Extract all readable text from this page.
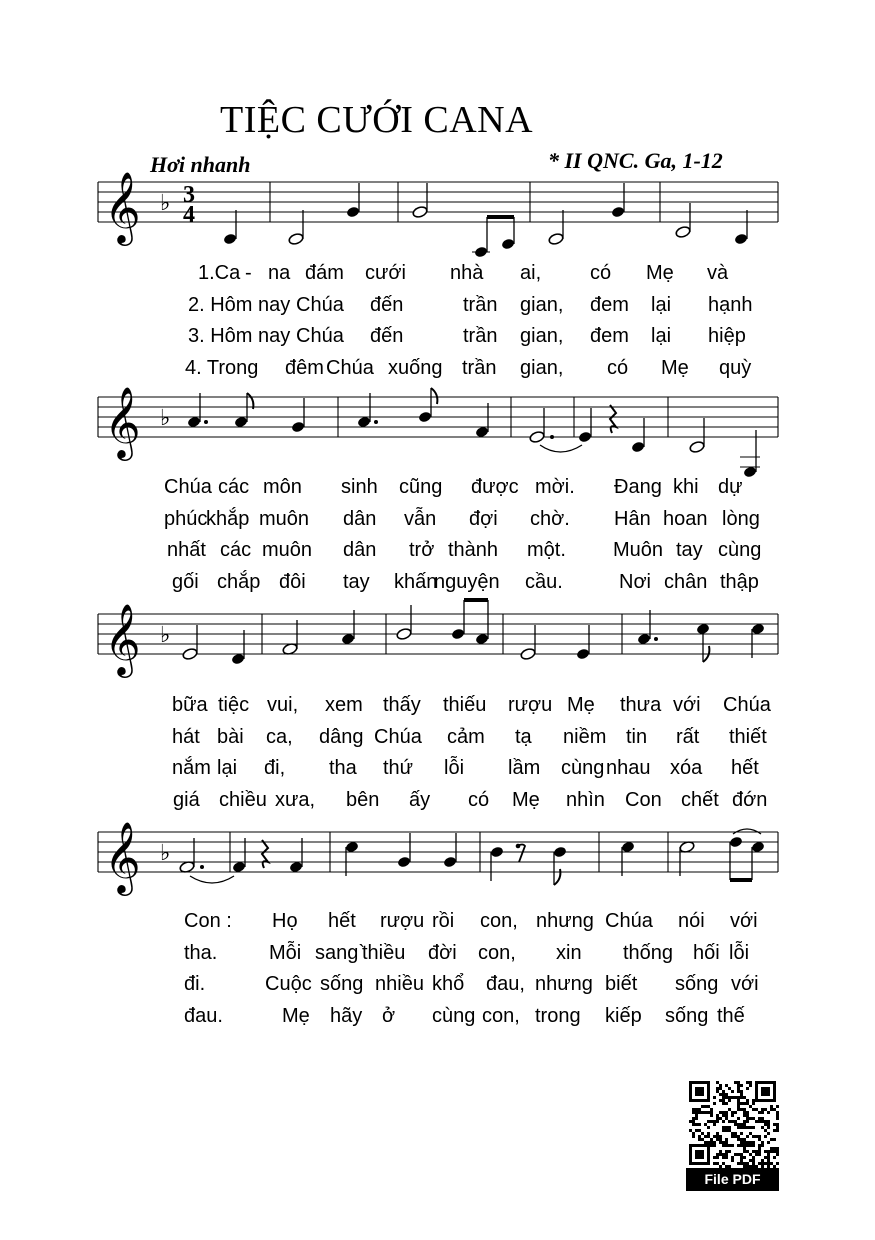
TIỆC CƯỚI CANA
Hơi nhanh	* II QNC. Ga, 1-12
𝄞 ♭ 3
4
𝄞 ♭
𝄞 ♭
𝄞 ♭
1.Ca - na đám cưới nhà ai, có Mẹ và
2. Hôm nay Chúa đến	trần gian, đem lại hạnh
3. Hôm nay Chúa đến	trần gian, đem lại hiệp
4. Trong đêm Chúa xuống trần gian, có Mẹ quỳ
Chúa các môn sinh cũng được mời. Đang khi dự
phúc
khắp muôn dân vẫn đợi chờ. Hân hoan lòng
nhất các muôn dân trở thành một. Muôn tay cùng
gối chắp đôi tay khấn
nguyện cầu.	Nơi chân thập
bữa tiệc vui, xem thấy thiếu rượu Mẹ thưa với Chúa
hát bài ca, dâng Chúa cảm tạ niềm tin rất thiết
nắm lại đi, tha thứ lỗi lầm cùng nhau xóa hết
giá chiều xưa, bên ấy có Mẹ nhìn Con chết đớn
Con : Họ hết rượu rồi con, nhưng Chúa nói với
tha.	Mỗi sang`
thiều đời con, xin thống hối lỗi
đi.	Cuộc sống nhiều khổ đau, nhưng biết sống với
đau.	Mẹ hãy ở cùng con, trong kiếp sống thế
File PDF
